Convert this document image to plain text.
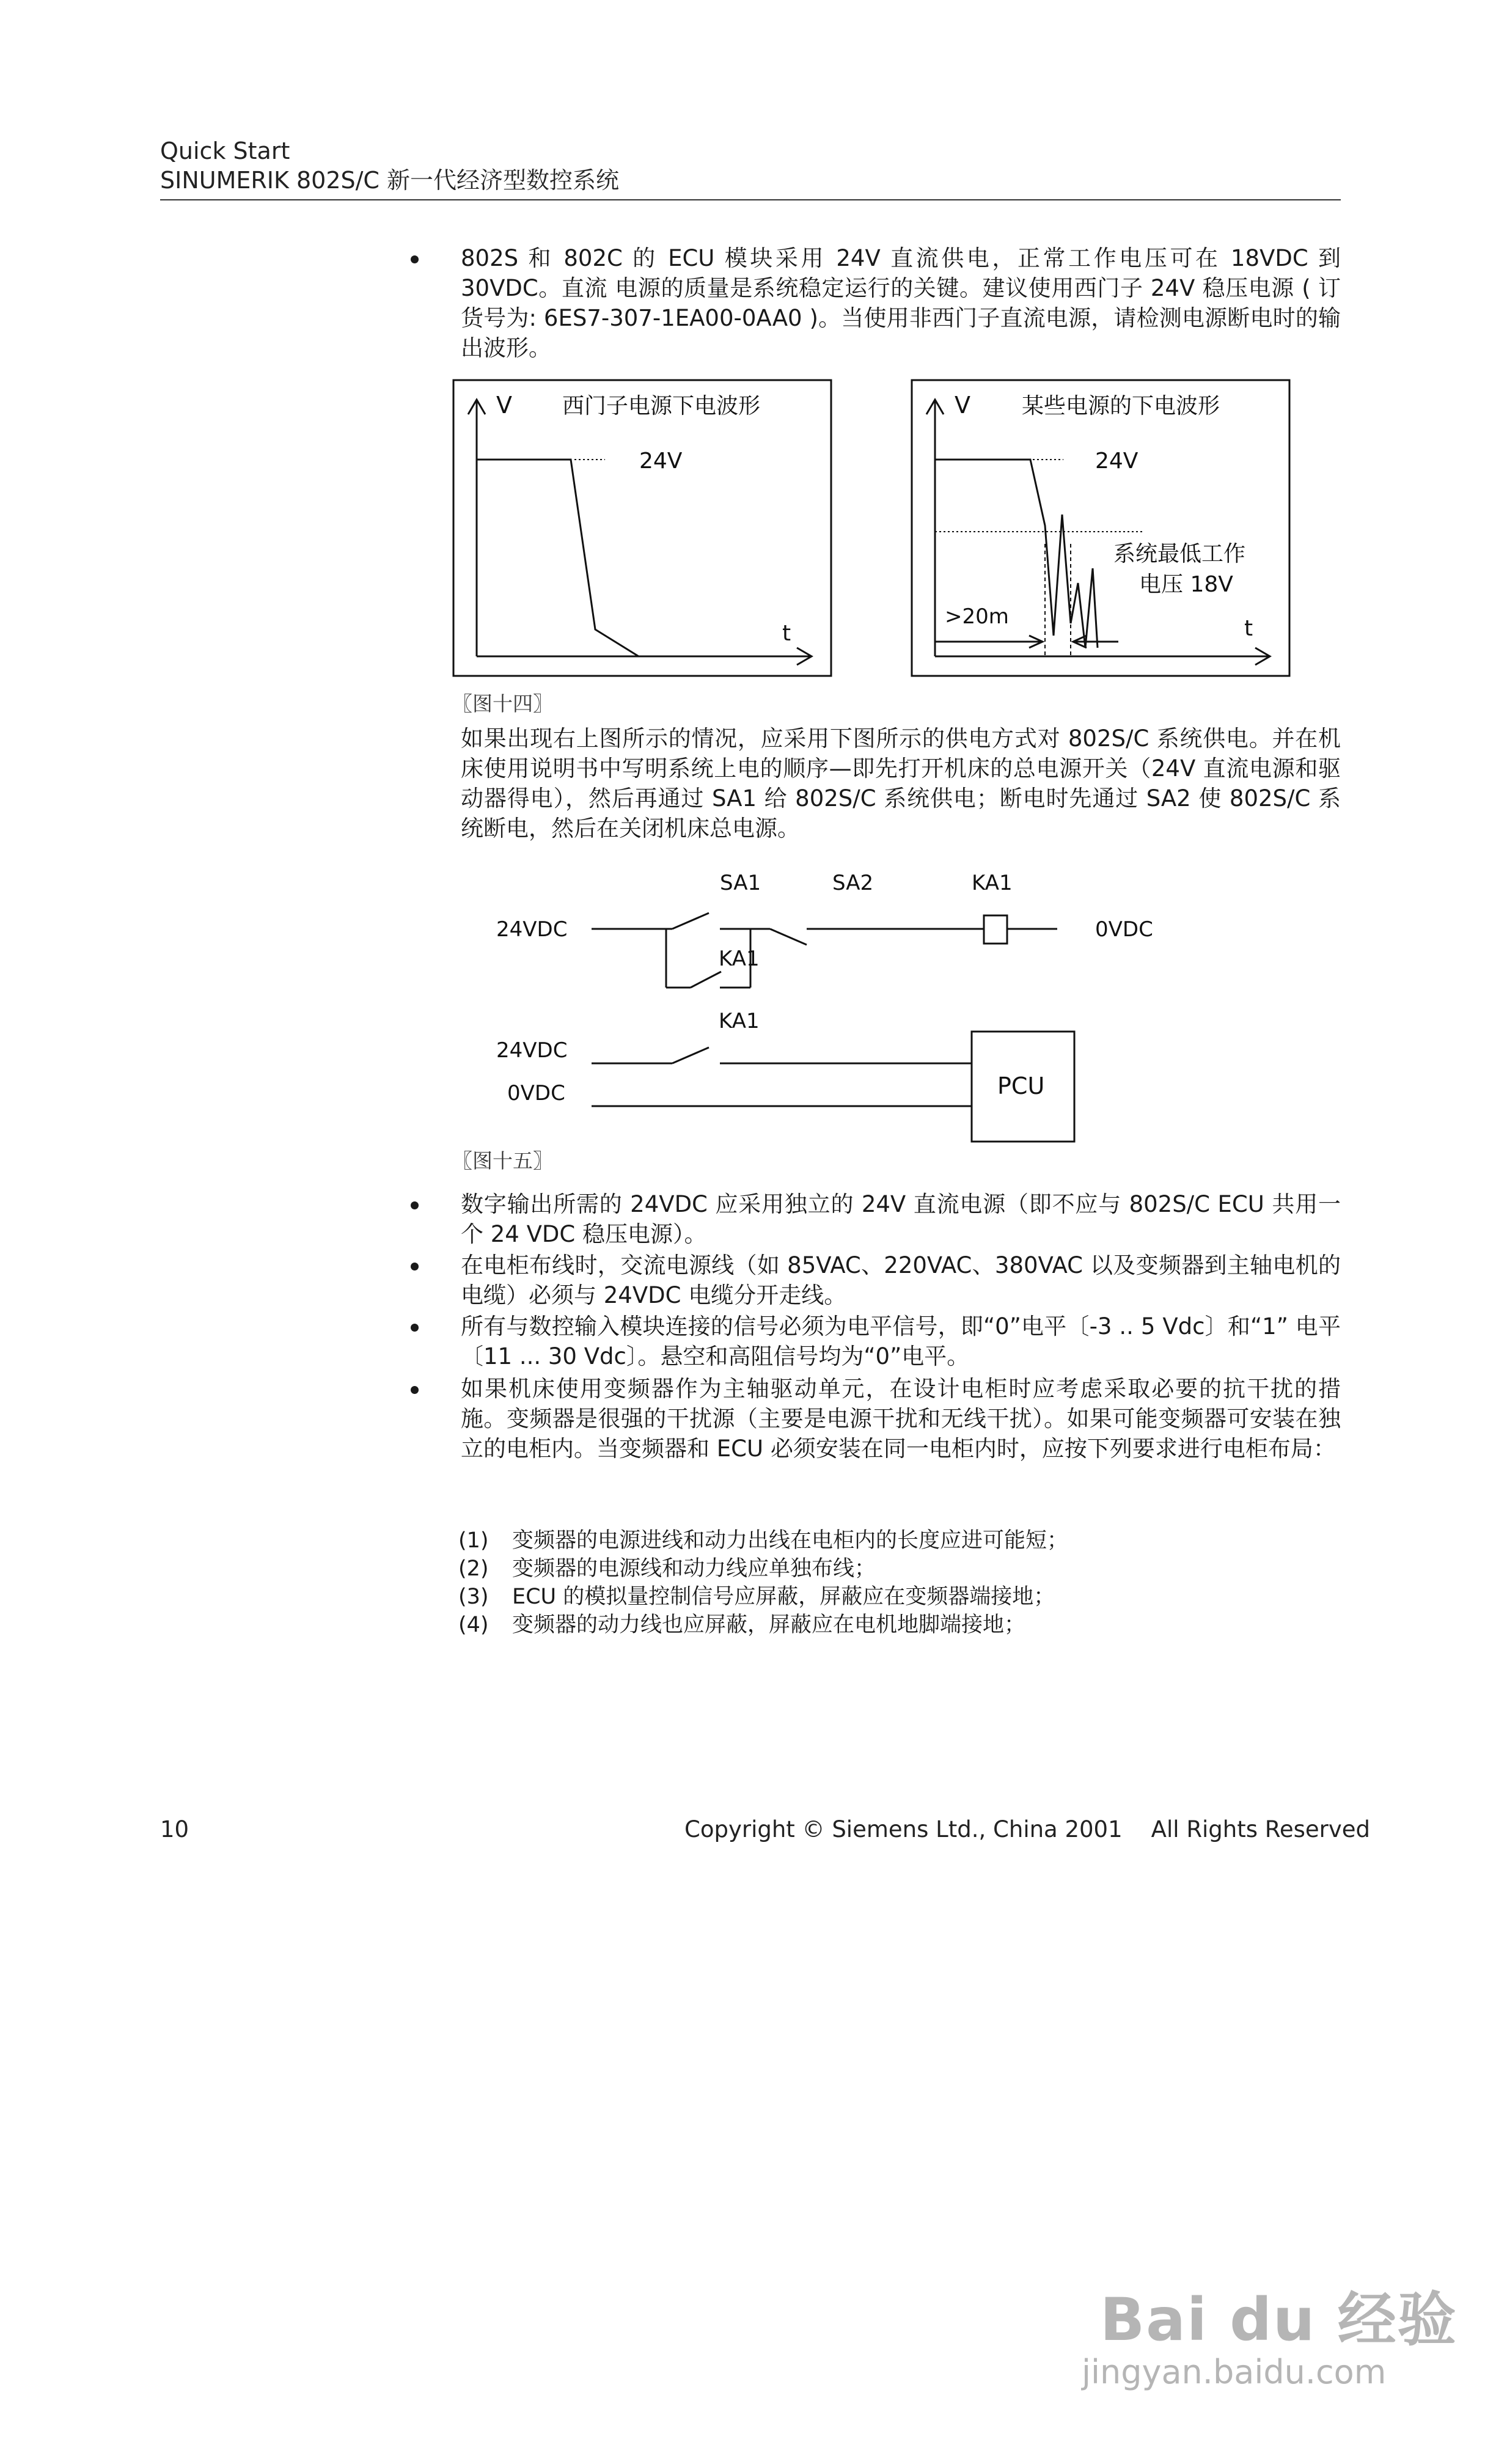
Quick Start
SINUMERIK 802S/C 新一代经济型数控系统
802S 和 802C 的 ECU 模块采用 24V 直流供电，正常工作电压可在 18VDC 到 30VDC。直流 电源的质量是系统稳定运行的关键。建议使用西门子 24V 稳压电源 ( 订货号为: 6ES7-307-1EA00-0AA0 )。当使用非西门子直流电源，请检测电源断电时的输出波形。
V 西门子电源下电波形
24V
t
V 某些电源的下电波形
24V
系统最低工作
电压 18V
>20m	t
〖图十四〗
如果出现右上图所示的情况，应采用下图所示的供电方式对 802S/C 系统供电。并在机床使用说明书中写明系统上电的顺序—即先打开机床的总电源开关（24V 直流电源和驱动器得电），然后再通过 SA1 给 802S/C 系统供电；断电时先通过 SA2 使 802S/C 系统断电，然后在关闭机床总电源。
SA1	SA2	KA1
24VDC	0VDC
KA1
KA1
24VDC
0VDC	PCU
〖图十五〗
数字输出所需的 24VDC 应采用独立的 24V 直流电源（即不应与 802S/C ECU 共用一个 24 VDC 稳压电源）。
在电柜布线时，交流电源线（如 85VAC、220VAC、380VAC 以及变频器到主轴电机的电缆）必须与 24VDC 电缆分开走线。
所有与数控输入模块连接的信号必须为电平信号，即“0”电平〔-3 .. 5 Vdc〕和“1” 电平〔11 ... 30 Vdc〕。悬空和高阻信号均为“0”电平。
如果机床使用变频器作为主轴驱动单元，在设计电柜时应考虑采取必要的抗干扰的措施。变频器是很强的干扰源（主要是电源干扰和无线干扰）。如果可能变频器可安装在独立的电柜内。当变频器和 ECU 必须安装在同一电柜内时，应按下列要求进行电柜布局：
(1) 变频器的电源进线和动力出线在电柜内的长度应进可能短；
(2) 变频器的电源线和动力线应单独布线；
(3) ECU 的模拟量控制信号应屏蔽，屏蔽应在变频器端接地；
(4) 变频器的动力线也应屏蔽，屏蔽应在电机地脚端接地；
10	Copyright © Siemens Ltd., China 2001    All Rights Reserved
Bai du 经验
jingyan.baidu.com
